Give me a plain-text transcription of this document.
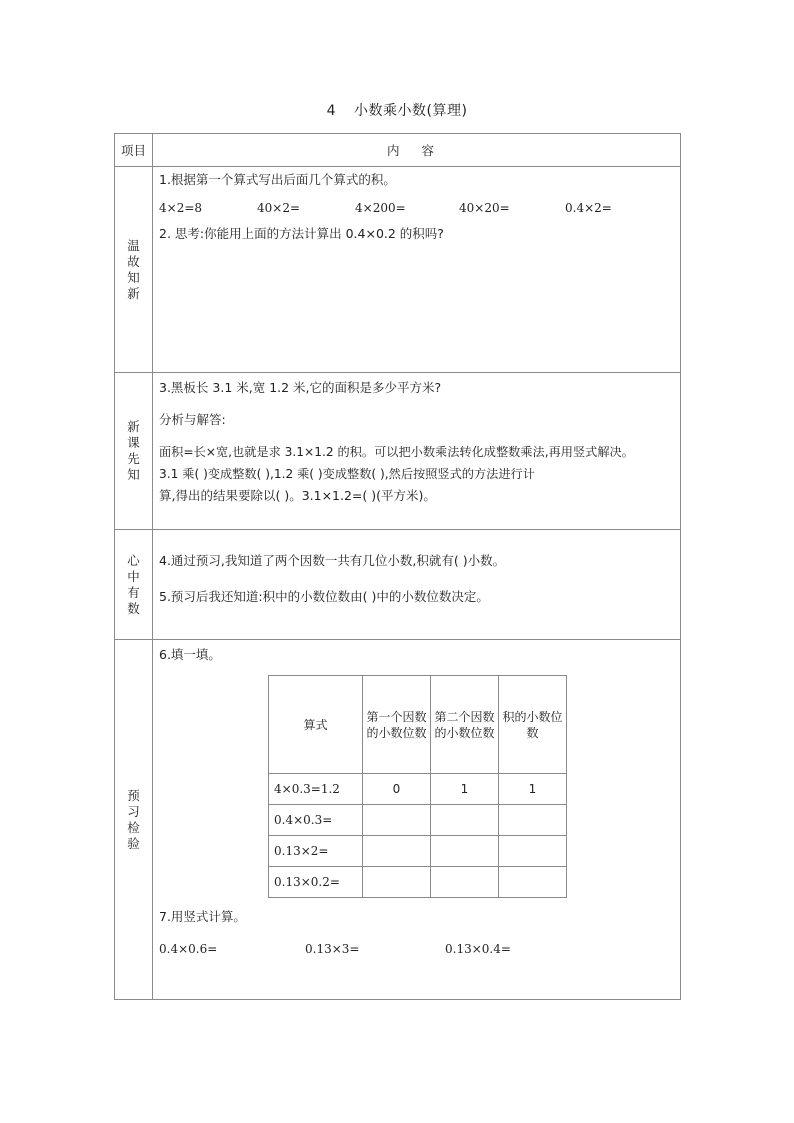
4 小数乘小数(算理)
项目	内容
温故知新	

1.根据第一个算式写出后面几个算式的积。

4×2=8	40×2=	4×200=	40×20=	0.4×2=

2. 思考:你能用上面的方法计算出 0.4×0.2 的积吗?

新课先知	

3.黑板长 3.1 米,宽 1.2 米,它的面积是多少平方米?

分析与解答:

面积=长×宽,也就是求 3.1×1.2 的积。可以把小数乘法转化成整数乘法,再用竖式解决。

3.1 乘( )变成整数( ),1.2 乘( )变成整数( ),然后按照竖式的方法进行计

算,得出的结果要除以( )。3.1×1.2=( )(平方米)。

心中有数	

4.通过预习,我知道了两个因数一共有几位小数,积就有( )小数。

5.预习后我还知道:积中的小数位数由( )中的小数位数决定。

预习检验	

6.填一填。

算式	第一个因数的小数位数	第二个因数的小数位数	积的小数位数
4×0.3=1.2	0	1	1
0.4×0.3=			
0.13×2=			
0.13×0.2=			

7.用竖式计算。

0.4×0.6=	0.13×3=	0.13×0.4=
